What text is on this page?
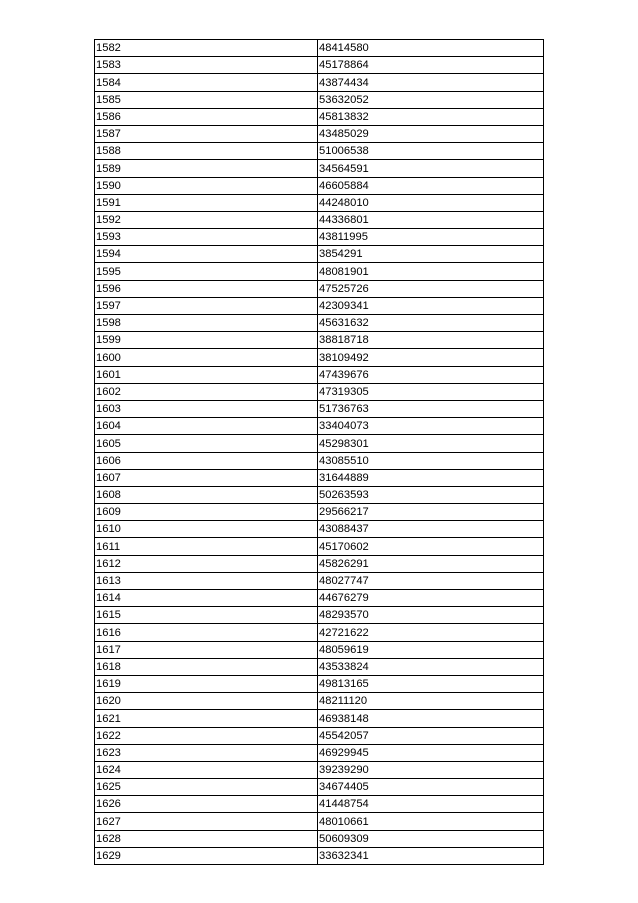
1582	48414580
1583	45178864
1584	43874434
1585	53632052
1586	45813832
1587	43485029
1588	51006538
1589	34564591
1590	46605884
1591	44248010
1592	44336801
1593	43811995
1594	3854291
1595	48081901
1596	47525726
1597	42309341
1598	45631632
1599	38818718
1600	38109492
1601	47439676
1602	47319305
1603	51736763
1604	33404073
1605	45298301
1606	43085510
1607	31644889
1608	50263593
1609	29566217
1610	43088437
1611	45170602
1612	45826291
1613	48027747
1614	44676279
1615	48293570
1616	42721622
1617	48059619
1618	43533824
1619	49813165
1620	48211120
1621	46938148
1622	45542057
1623	46929945
1624	39239290
1625	34674405
1626	41448754
1627	48010661
1628	50609309
1629	33632341
